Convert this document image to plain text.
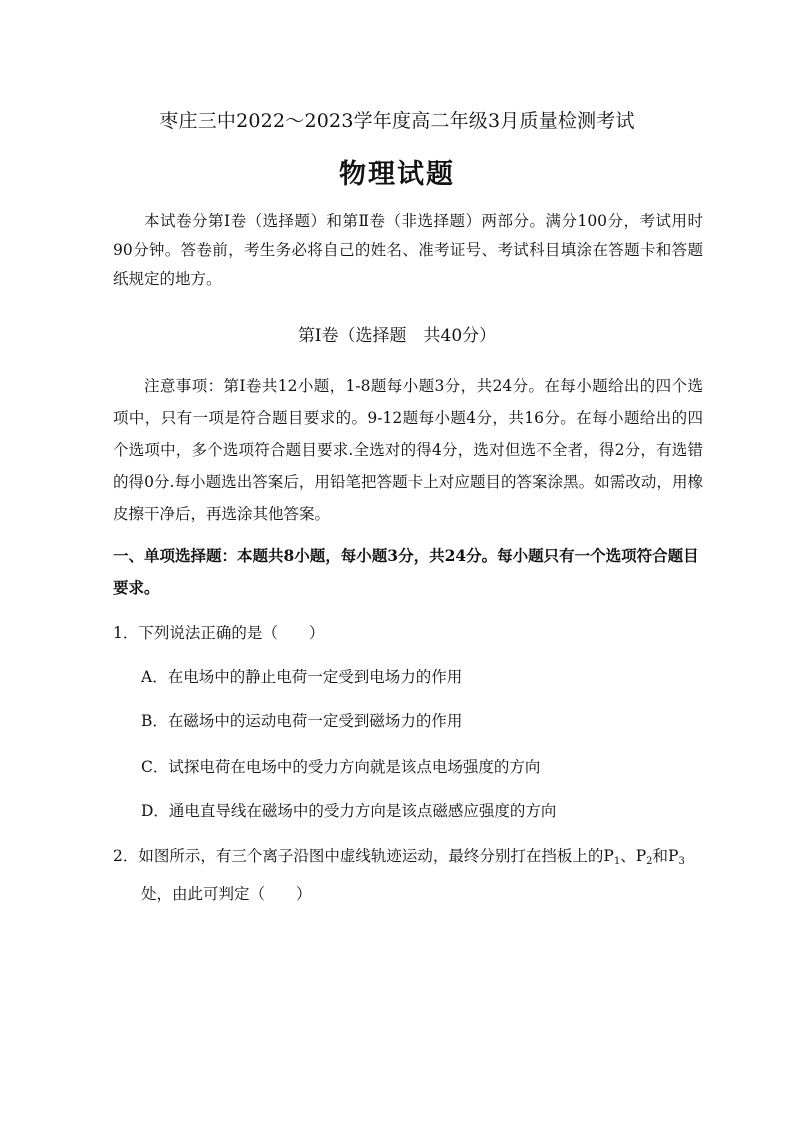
枣庄三中2022～2023学年度高二年级3月质量检测考试
物理试题
本试卷分第Ⅰ卷（选择题）和第Ⅱ卷（非选择题）两部分。满分100分，考试用时90分钟。答卷前，考生务必将自己的姓名、准考证号、考试科目填涂在答题卡和答题纸规定的地方。
第Ⅰ卷（选择题　共40分）
注意事项：第Ⅰ卷共12小题，1-8题每小题3分，共24分。在每小题给出的四个选项中，只有一项是符合题目要求的。9-12题每小题4分，共16分。在每小题给出的四个选项中，多个选项符合题目要求.全选对的得4分，选对但选不全者，得2分，有选错的得0分.每小题选出答案后，用铅笔把答题卡上对应题目的答案涂黑。如需改动，用橡皮擦干净后，再选涂其他答案。
一、单项选择题：本题共8小题，每小题3分，共24分。每小题只有一个选项符合题目要求。
1．下列说法正确的是（　　）
A．在电场中的静止电荷一定受到电场力的作用
B．在磁场中的运动电荷一定受到磁场力的作用
C．试探电荷在电场中的受力方向就是该点电场强度的方向
D．通电直导线在磁场中的受力方向是该点磁感应强度的方向
2．如图所示，有三个离子沿图中虚线轨迹运动，最终分别打在挡板上的$P_1$、$P_2$和$P_3$
处，由此可判定（　　）
